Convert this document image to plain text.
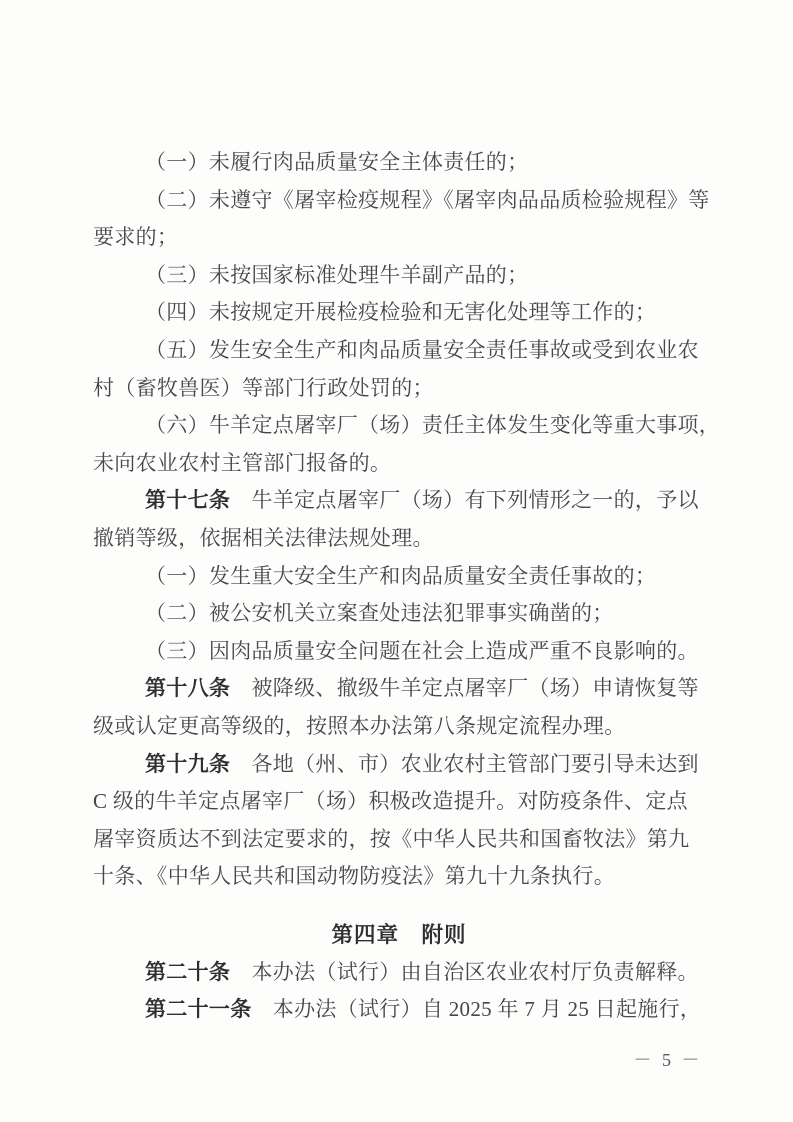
（一）未履行肉品质量安全主体责任的；
（二）未遵守《屠宰检疫规程》《屠宰肉品品质检验规程》等
要求的；
（三）未按国家标准处理牛羊副产品的；
（四）未按规定开展检疫检验和无害化处理等工作的；
（五）发生安全生产和肉品质量安全责任事故或受到农业农
村（畜牧兽医）等部门行政处罚的；
（六）牛羊定点屠宰厂（场）责任主体发生变化等重大事项，
未向农业农村主管部门报备的。
第十七条　牛羊定点屠宰厂（场）有下列情形之一的，予以
撤销等级，依据相关法律法规处理。
（一）发生重大安全生产和肉品质量安全责任事故的；
（二）被公安机关立案查处违法犯罪事实确凿的；
（三）因肉品质量安全问题在社会上造成严重不良影响的。
第十八条　被降级、撤级牛羊定点屠宰厂（场）申请恢复等
级或认定更高等级的，按照本办法第八条规定流程办理。
第十九条　各地（州、市）农业农村主管部门要引导未达到
C 级的牛羊定点屠宰厂（场）积极改造提升。对防疫条件、定点
屠宰资质达不到法定要求的，按《中华人民共和国畜牧法》第九
十条、《中华人民共和国动物防疫法》第九十九条执行。
第四章　附则
第二十条　本办法（试行）由自治区农业农村厅负责解释。
第二十一条　本办法（试行）自 2025 年 7 月 25 日起施行，
－ 5 －
